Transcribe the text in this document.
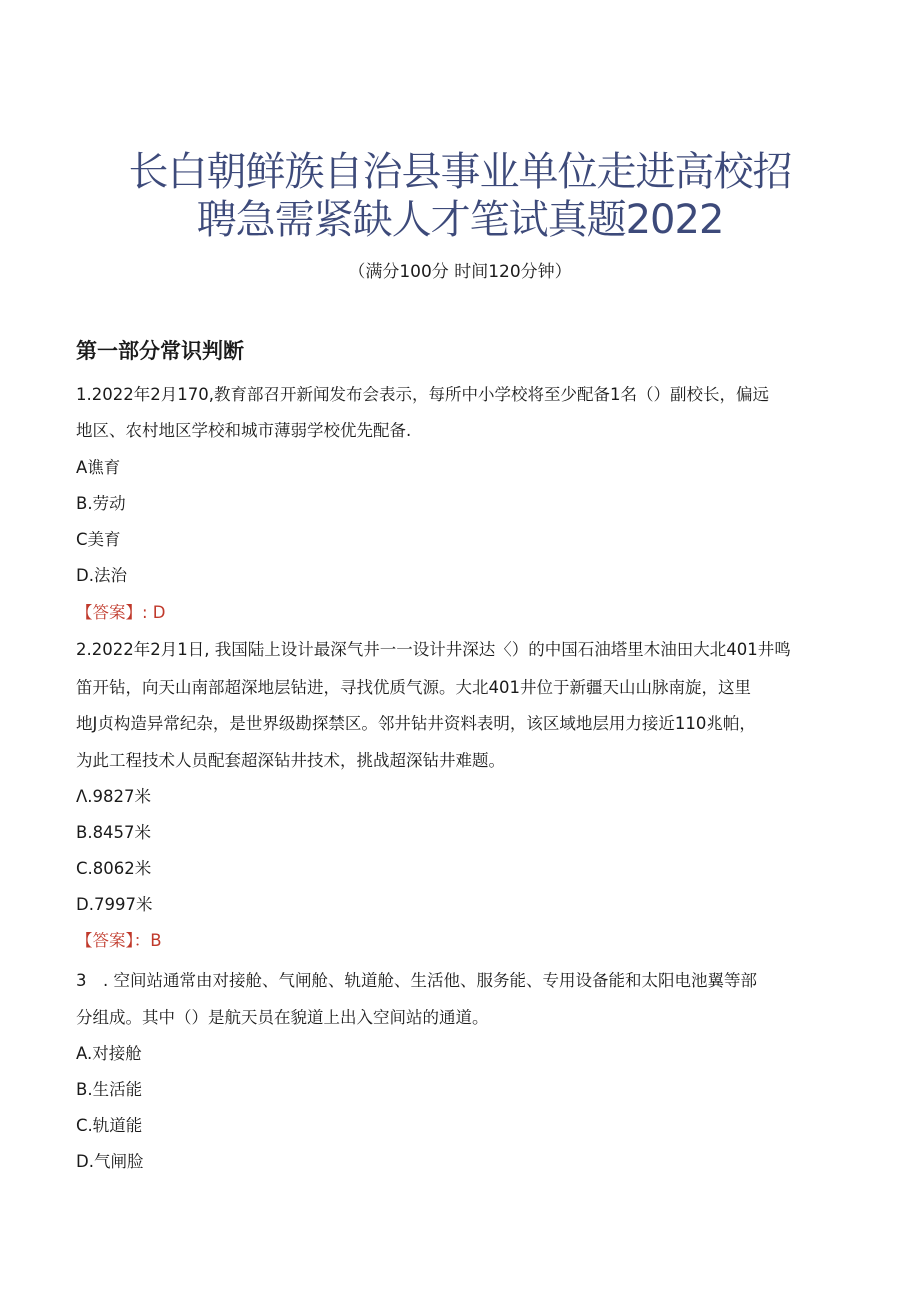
长白朝鲜族自治县事业单位走进高校招
聘急需紧缺人才笔试真题2022
（满分100分 时间120分钟）
第一部分常识判断
1.2022年2月170,教育部召开新闻发布会表示，每所中小学校将至少配备1名（）副校长，偏远
地区、农村地区学校和城市薄弱学校优先配备.
A谯育
B.劳动
C美育
D.法治
【答案】: D
2.2022年2月1日, 我国陆上设计最深气井一一设计井深达〈）的中国石油塔里木油田大北401井鸣
笛开钻，向天山南部超深地层钻进，寻找优质气源。大北401井位于新疆天山山脉南旋，这里
地J贞构造异常纪杂，是世界级勘探禁区。邻井钻井资料表明，该区域地层用力接近110兆帕，
为此工程技术人员配套超深钻井技术，挑战超深钻井难题。
Λ.9827米
B.8457米
C.8062米
D.7997米
【答案】：B
3　. 空间站通常由对接舱、气闸舱、轨道舱、生活他、服务能、专用设备能和太阳电池翼等部
分组成。其中（）是航天员在貌道上出入空间站的通道。
A.对接舱
B.生活能
C.轨道能
D.气闸脸
